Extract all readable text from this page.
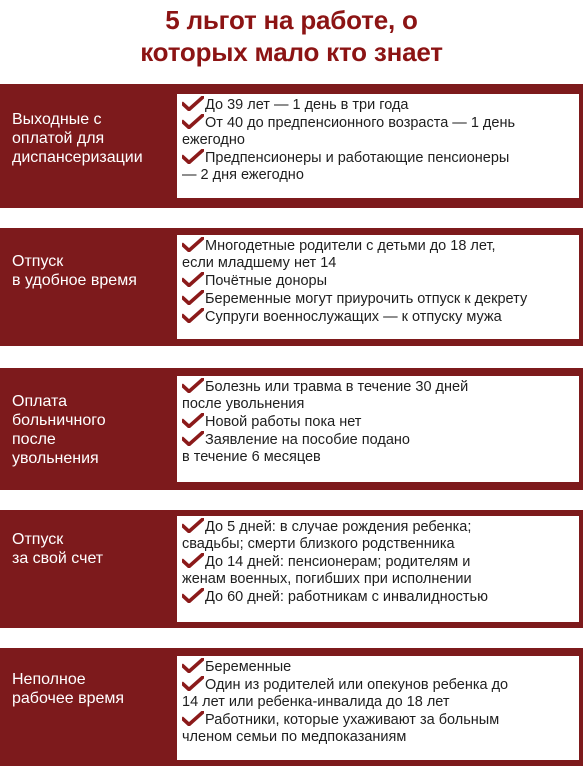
5 льгот на работе, о
которых мало кто знает
Выходные с
оплатой для
диспансеризации
До 39 лет — 1 день в три года
От 40 до предпенсионного возраста — 1 день
ежегодно
Предпенсионеры и работающие пенсионеры
— 2 дня ежегодно
Отпуск
в удобное время
Многодетные родители с детьми до 18 лет,
если младшему нет 14
Почётные доноры
Беременные могут приурочить отпуск к декрету
Супруги военнослужащих — к отпуску мужа
Оплата
больничного
после
увольнения
Болезнь или травма в течение 30 дней
после увольнения
Новой работы пока нет
Заявление на пособие подано
в течение 6 месяцев
Отпуск
за свой счет
До 5 дней: в случае рождения ребенка;
свадьбы; смерти близкого родственника
До 14 дней: пенсионерам; родителям и
женам военных, погибших при исполнении
До 60 дней: работникам с инвалидностью
Неполное
рабочее время
Беременные
Один из родителей или опекунов ребенка до
14 лет или ребенка-инвалида до 18 лет
Работники, которые ухаживают за больным
членом семьи по медпоказаниям
